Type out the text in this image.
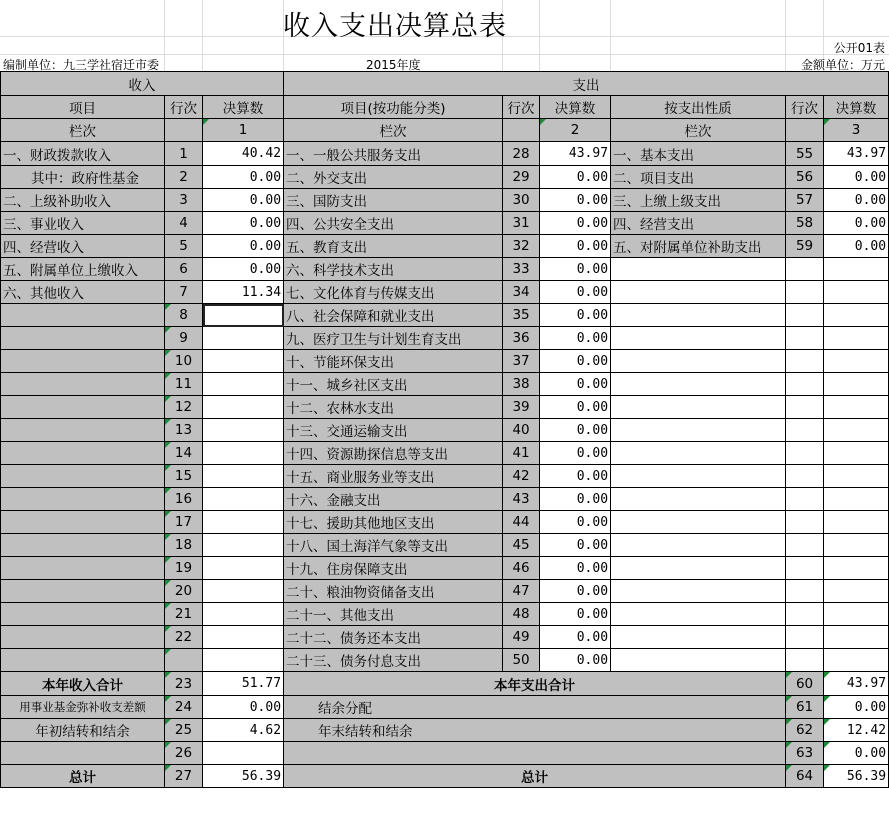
收入支出决算总表
公开01表
编制单位：九三学社宿迁市委	2015年度	金额单位：万元
收入			支出					
项目	行次	决算数	项目(按功能分类)	行次	决算数	按支出性质	行次	决算数
栏次		1	栏次		2	栏次		3
一、财政拨款收入	1	40.42	一、一般公共服务支出	28	43.97	一、基本支出	55	43.97
其中：政府性基金	2	0.00	二、外交支出	29	0.00	二、项目支出	56	0.00
二、上级补助收入	3	0.00	三、国防支出	30	0.00	三、上缴上级支出	57	0.00
三、事业收入	4	0.00	四、公共安全支出	31	0.00	四、经营支出	58	0.00
四、经营收入	5	0.00	五、教育支出	32	0.00	五、对附属单位补助支出	59	0.00
五、附属单位上缴收入	6	0.00	六、科学技术支出	33	0.00			
六、其他收入	7	11.34	七、文化体育与传媒支出	34	0.00			
	8		八、社会保障和就业支出	35	0.00			
	9		九、医疗卫生与计划生育支出	36	0.00			
	10		十、节能环保支出	37	0.00			
	11		十一、城乡社区支出	38	0.00			
	12		十二、农林水支出	39	0.00			
	13		十三、交通运输支出	40	0.00			
	14		十四、资源勘探信息等支出	41	0.00			
	15		十五、商业服务业等支出	42	0.00			
	16		十六、金融支出	43	0.00			
	17		十七、援助其他地区支出	44	0.00			
	18		十八、国土海洋气象等支出	45	0.00			
	19		十九、住房保障支出	46	0.00			
	20		二十、粮油物资储备支出	47	0.00			
	21		二十一、其他支出	48	0.00			
	22		二十二、债务还本支出	49	0.00			
			二十三、债务付息支出	50	0.00			
本年收入合计	23	51.77	本年支出合计				60	43.97
用事业基金弥补收支差额	24	0.00	结余分配				61	0.00
年初结转和结余	25	4.62	年末结转和结余				62	12.42
	26						63	0.00
总计	27	56.39	总计				64	56.39
